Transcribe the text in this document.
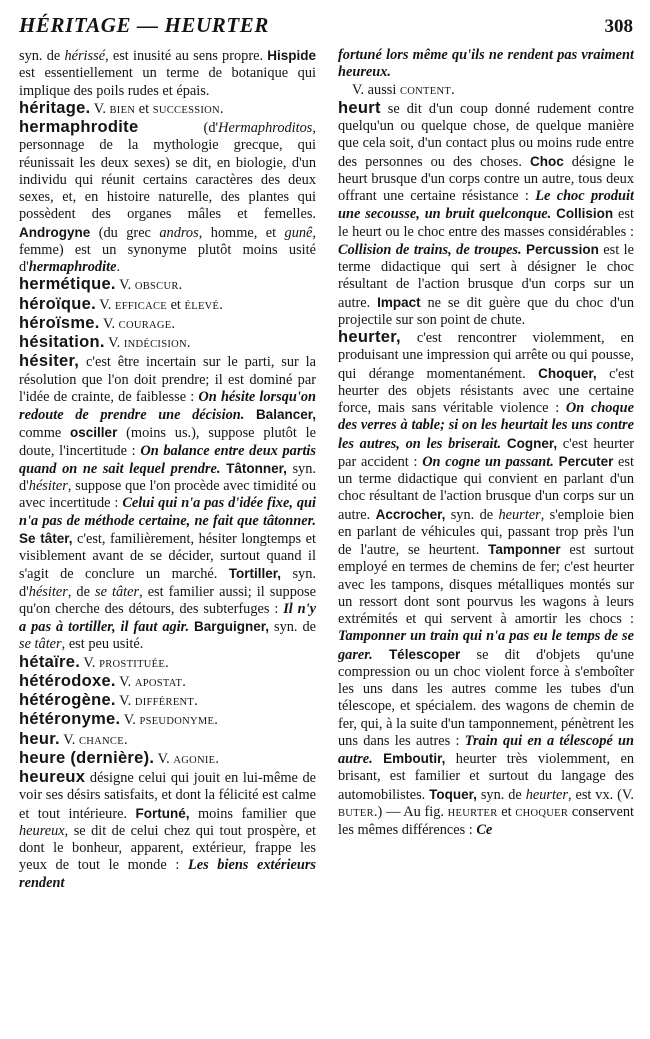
HÉRITAGE — HEURTER	308

syn. de hérissé, est inusité au sens propre. Hispide est essentiellement un terme de botanique qui implique des poils rudes et épais.

héritage. V. BIEN et SUCCESSION.

hermaphrodite (d'Hermaphroditos, personnage de la mythologie grecque, qui réunissait les deux sexes) se dit, en biologie, d'un individu qui réunit certains caractères des deux sexes, et, en histoire naturelle, des plantes qui possèdent des organes mâles et femelles. Androgyne (du grec andros, homme, et gunê, femme) est un synonyme plutôt moins usité d'hermaphrodite.

hermétique. V. OBSCUR.

héroïque. V. EFFICACE et ÉLEVÉ.

héroïsme. V. COURAGE.

hésitation. V. INDÉCISION.

hésiter, c'est être incertain sur le parti, sur la résolution que l'on doit prendre; il est dominé par l'idée de crainte, de faiblesse : On hésite lorsqu'on redoute de prendre une décision. Balancer, comme osciller (moins us.), suppose plutôt le doute, l'incertitude : On balance entre deux partis quand on ne sait lequel prendre. Tâtonner, syn. d'hésiter, suppose que l'on procède avec timidité ou avec incertitude : Celui qui n'a pas d'idée fixe, qui n'a pas de méthode certaine, ne fait que tâtonner. Se tâter, c'est, familièrement, hésiter longtemps et visiblement avant de se décider, surtout quand il s'agit de conclure un marché. Tortiller, syn. d'hésiter, de se tâter, est familier aussi; il suppose qu'on cherche des détours, des subterfuges : Il n'y a pas à tortiller, il faut agir. Barguigner, syn. de se tâter, est peu usité.

hétaïre. V. PROSTITUÉE.

hétérodoxe. V. APOSTAT.

hétérogène. V. DIFFÉRENT.

hétéronyme. V. PSEUDONYME.

heur. V. CHANCE.

heure (dernière). V. AGONIE.

heureux désigne celui qui jouit en lui-même de voir ses désirs satisfaits, et dont la félicité est calme et tout intérieure. Fortuné, moins familier que heureux, se dit de celui chez qui tout prospère, et dont le bonheur, apparent, extérieur, frappe les yeux de tout le monde : Les biens extérieurs rendent

fortuné lors même qu'ils ne rendent pas vraiment heureux.

V. aussi CONTENT.

heurt se dit d'un coup donné rudement contre quelqu'un ou quelque chose, de quelque manière que cela soit, d'un contact plus ou moins rude entre des personnes ou des choses. Choc désigne le heurt brusque d'un corps contre un autre, tous deux offrant une certaine résistance : Le choc produit une secousse, un bruit quelconque. Collision est le heurt ou le choc entre des masses considérables : Collision de trains, de troupes. Percussion est le terme didactique qui sert à désigner le choc résultant de l'action brusque d'un corps sur un autre. Impact ne se dit guère que du choc d'un projectile sur son point de chute.

heurter, c'est rencontrer violemment, en produisant une impression qui arrête ou qui pousse, qui dérange momentanément. Choquer, c'est heurter des objets résistants avec une certaine force, mais sans véritable violence : On choque des verres à table; si on les heurtait les uns contre les autres, on les briserait. Cogner, c'est heurter par accident : On cogne un passant. Percuter est un terme didactique qui convient en parlant d'un choc résultant de l'action brusque d'un corps sur un autre. Accrocher, syn. de heurter, s'emploie bien en parlant de véhicules qui, passant trop près l'un de l'autre, se heurtent. Tamponner est surtout employé en termes de chemins de fer; c'est heurter avec les tampons, disques métalliques montés sur un ressort dont sont pourvus les wagons à leurs extrémités et qui servent à amortir les chocs : Tamponner un train qui n'a pas eu le temps de se garer. Télescoper se dit d'objets qu'une compression ou un choc violent force à s'emboîter les uns dans les autres comme les tubes d'un télescope, et spécialem. des wagons de chemin de fer, qui, à la suite d'un tamponnement, pénètrent les uns dans les autres : Train qui en a télescopé un autre. Emboutir, heurter très violemment, en brisant, est familier et surtout du langage des automobilistes. Toquer, syn. de heurter, est vx. (V. BUTER.) — Au fig. HEURTER et CHOQUER conservent les mêmes différences : Ce
